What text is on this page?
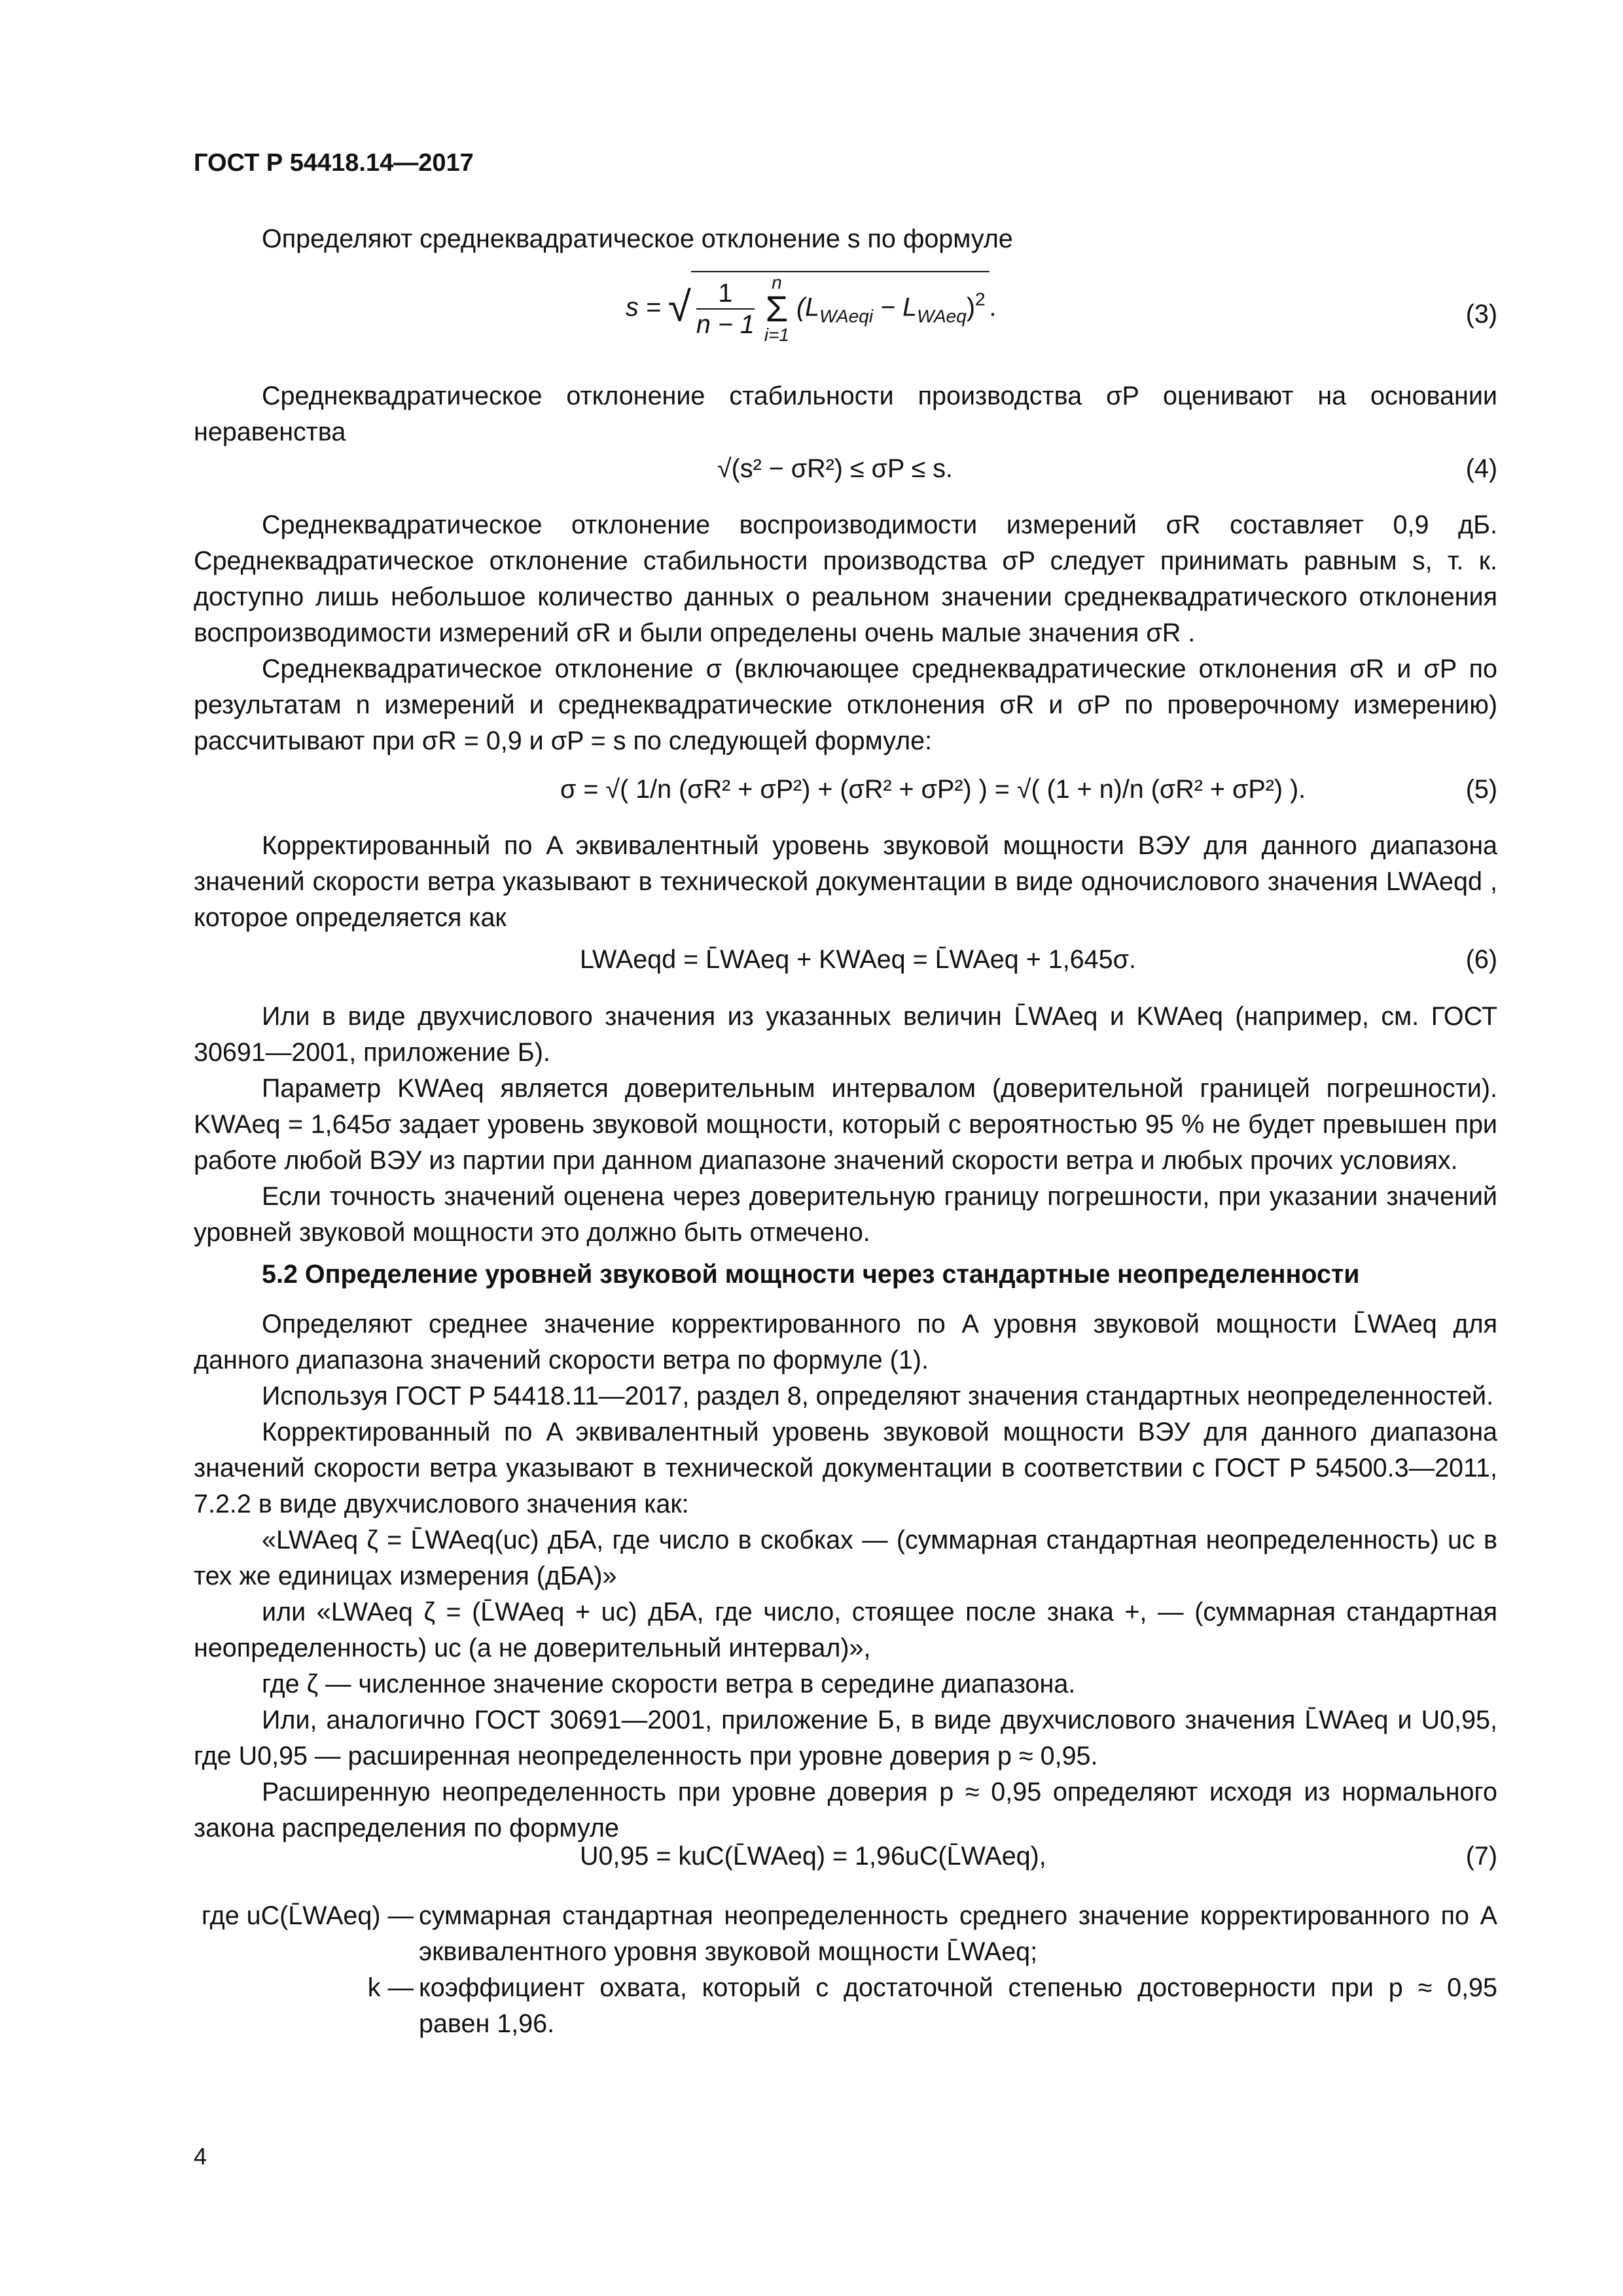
ГОСТ Р 54418.14—2017

Определяют среднеквадратическое отклонение s по формуле

s = √ $\frac{1}{n - 1}$ n
Σ
i=1 $(L_{WAeqi} - L_{WAeq})^2$ .	(3)

Среднеквадратическое отклонение стабильности производства σP оценивают на основании неравенства

√(s² − σR²) ≤ σP ≤ s.	(4)

Среднеквадратическое отклонение воспроизводимости измерений σR составляет 0,9 дБ. Среднеквадратическое отклонение стабильности производства σP следует принимать равным s, т. к. доступно лишь небольшое количество данных о реальном значении среднеквадратического отклонения воспроизводимости измерений σR и были определены очень малые значения σR .

Среднеквадратическое отклонение σ (включающее среднеквадратические отклонения σR и σP по результатам n измерений и среднеквадратические отклонения σR и σP по проверочному измерению) рассчитывают при σR = 0,9 и σP = s по следующей формуле:

σ = √( 1/n (σR² + σP²) + (σR² + σP²) ) = √( (1 + n)/n (σR² + σP²) ).	(5)

Корректированный по A эквивалентный уровень звуковой мощности ВЭУ для данного диапазона значений скорости ветра указывают в технической документации в виде одночислового значения LWAeqd , которое определяется как

LWAeqd = L̄WAeq + KWAeq = L̄WAeq + 1,645σ.	(6)

Или в виде двухчислового значения из указанных величин L̄WAeq и KWAeq (например, см. ГОСТ 30691—2001, приложение Б).

Параметр KWAeq является доверительным интервалом (доверительной границей погрешности). KWAeq = 1,645σ задает уровень звуковой мощности, который с вероятностью 95 % не будет превышен при работе любой ВЭУ из партии при данном диапазоне значений скорости ветра и любых прочих условиях.

Если точность значений оценена через доверительную границу погрешности, при указании значений уровней звуковой мощности это должно быть отмечено.

5.2 Определение уровней звуковой мощности через стандартные неопределенности

Определяют среднее значение корректированного по A уровня звуковой мощности L̄WAeq для данного диапазона значений скорости ветра по формуле (1).

Используя ГОСТ Р 54418.11—2017, раздел 8, определяют значения стандартных неопределенностей.

Корректированный по A эквивалентный уровень звуковой мощности ВЭУ для данного диапазона значений скорости ветра указывают в технической документации в соответствии с ГОСТ Р 54500.3—2011, 7.2.2 в виде двухчислового значения как:

«LWAeq ζ = L̄WAeq(uc) дБА, где число в скобках — (суммарная стандартная неопределенность) uc в тех же единицах измерения (дБА)»

или «LWAeq ζ = (L̄WAeq + uc) дБА, где число, стоящее после знака +, — (суммарная стандартная неопределенность) uc (а не доверительный интервал)»,

где ζ — численное значение скорости ветра в середине диапазона.

Или, аналогично ГОСТ 30691—2001, приложение Б, в виде двухчислового значения L̄WAeq и U0,95, где U0,95 — расширенная неопределенность при уровне доверия p ≈ 0,95.

Расширенную неопределенность при уровне доверия p ≈ 0,95 определяют исходя из нормального закона распределения по формуле

U0,95 = kuC(L̄WAeq) = 1,96uC(L̄WAeq),	(7)
где uC(L̄WAeq) — суммарная стандартная неопределенность среднего значение корректированного по A эквивалентного уровня звуковой мощности L̄WAeq;
k — коэффициент охвата, который с достаточной степенью достоверности при p ≈ 0,95 равен 1,96.
4
